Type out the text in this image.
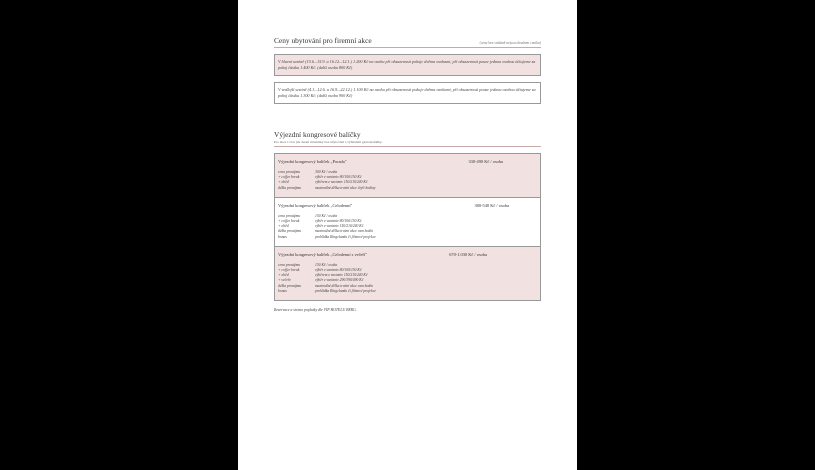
Ceny ubytování pro firemní akce	(ceny bez snídaně nejsou obsahem ceníku)

V hlavní sezóně (15.6.–15.9. a 16.12.–12.1.) 1.200 Kč na osobu při obsazenosti pokoje dvěma osobami, při obsazenosti pouze jednou osobou účtujeme za pokoj částku 1.400 Kč. (další osoba 800 Kč)

V vedlejší sezóně (4.1.–12.6. a 16.9.–22.12.) 1.100 Kč na osobu při obsazenosti pokoje dvěma osobami, při obsazenosti pouze jednou osobou účtujeme za pokoj částku 1.300 Kč. (další osoba 900 Kč)

Výjezdní kongresové balíčky
Pro akce s více jak deseti účastníky bez ubytování s výhledem gastronabídky.
Výjezdní kongresový balíček „Porada"	330-490 Kč / osoba
cena pronájmu	300 Kč / osoba
+ coffee break	výběr z variantv 80/100/150 Kč
+ oběd	výběrem z variantv 150/210/240 Kč
délka pronájmu	maximální délka trvání akce čtyři hodiny
Výjezdní kongresový balíček „Celodenní"	380-540 Kč / osoba
cena pronájmu	150 Kč / osoba
+ coffee break	výběr z variantv 80/100/150 Kč
+ oběd	výběr z variantv 150/210/240 Kč
délka pronájmu	maximální délka trvání akce osm hodin
bonus	prohlídka Ringelandu či filmové projekce
Výjezdní kongresový balíček „Celodenní s večeří"	670-1.030 Kč / osoba
cena pronájmu	150 Kč / osoba
+ coffee break	výběr z variantv 80/100/150 Kč
+ oběd	výběrem z variantv 150/210/240 Kč
+ večeře	výběr z variantv 290/390/490 Kč
délka pronájmu	maximální délka trvání akce osm hodin
bonus	prohlídka Ringelandu či filmové projekce
Rezervace a storno poplatky dle VIP HOTELU BERG.
